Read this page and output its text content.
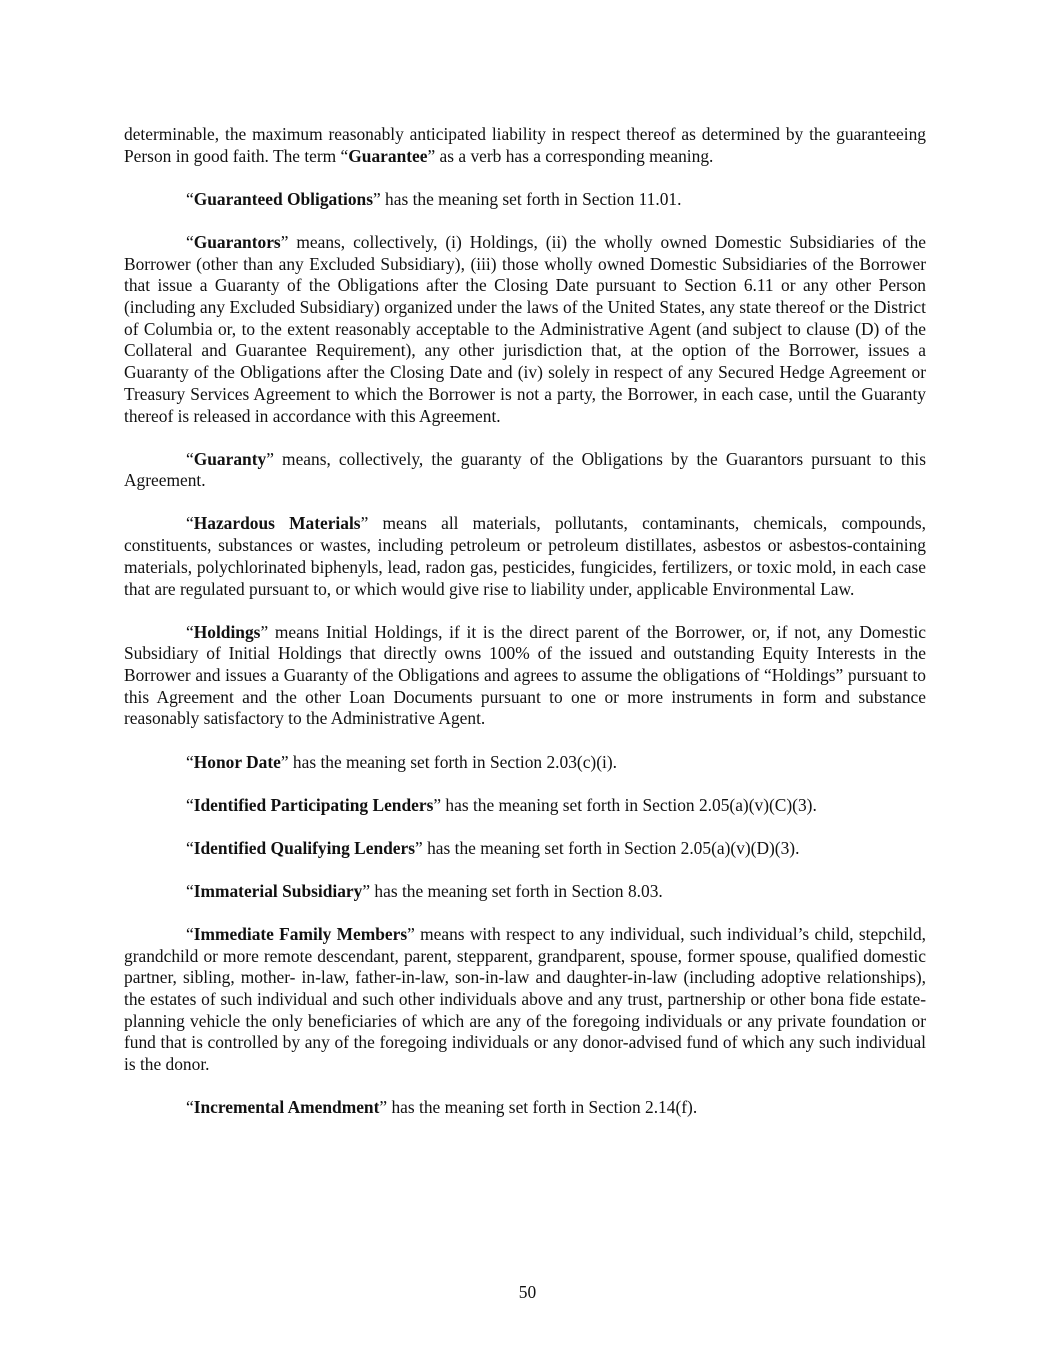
determinable, the maximum reasonably anticipated liability in respect thereof as determined by the guaranteeing Person in good faith. The term “Guarantee” as a verb has a corresponding meaning.

“Guaranteed Obligations” has the meaning set forth in Section 11.01.

“Guarantors” means, collectively, (i) Holdings, (ii) the wholly owned Domestic Subsidiaries of the Borrower (other than any Excluded Subsidiary), (iii) those wholly owned Domestic Subsidiaries of the Borrower that issue a Guaranty of the Obligations after the Closing Date pursuant to Section 6.11 or any other Person (including any Excluded Subsidiary) organized under the laws of the United States, any state thereof or the District of Columbia or, to the extent reasonably acceptable to the Administrative Agent (and subject to clause (D) of the Collateral and Guarantee Requirement), any other jurisdiction that, at the option of the Borrower, issues a Guaranty of the Obligations after the Closing Date and (iv) solely in respect of any Secured Hedge Agreement or Treasury Services Agreement to which the Borrower is not a party, the Borrower, in each case, until the Guaranty thereof is released in accordance with this Agreement.

“Guaranty” means, collectively, the guaranty of the Obligations by the Guarantors pursuant to this Agreement.

“Hazardous Materials” means all materials, pollutants, contaminants, chemicals, compounds, constituents, substances or wastes, including petroleum or petroleum distillates, asbestos or asbestos-containing materials, polychlorinated biphenyls, lead, radon gas, pesticides, fungicides, fertilizers, or toxic mold, in each case that are regulated pursuant to, or which would give rise to liability under, applicable Environmental Law.

“Holdings” means Initial Holdings, if it is the direct parent of the Borrower, or, if not, any Domestic Subsidiary of Initial Holdings that directly owns 100% of the issued and outstanding Equity Interests in the Borrower and issues a Guaranty of the Obligations and agrees to assume the obligations of “Holdings” pursuant to this Agreement and the other Loan Documents pursuant to one or more instruments in form and substance reasonably satisfactory to the Administrative Agent.

“Honor Date” has the meaning set forth in Section 2.03(c)(i).

“Identified Participating Lenders” has the meaning set forth in Section 2.05(a)(v)(C)(3).

“Identified Qualifying Lenders” has the meaning set forth in Section 2.05(a)(v)(D)(3).

“Immaterial Subsidiary” has the meaning set forth in Section 8.03.

“Immediate Family Members” means with respect to any individual, such individual’s child, stepchild, grandchild or more remote descendant, parent, stepparent, grandparent, spouse, former spouse, qualified domestic partner, sibling, mother- in-law, father-in-law, son-in-law and daughter-in-law (including adoptive relationships), the estates of such individual and such other individuals above and any trust, partnership or other bona fide estate-planning vehicle the only beneficiaries of which are any of the foregoing individuals or any private foundation or fund that is controlled by any of the foregoing individuals or any donor-advised fund of which any such individual is the donor.

“Incremental Amendment” has the meaning set forth in Section 2.14(f).

50
